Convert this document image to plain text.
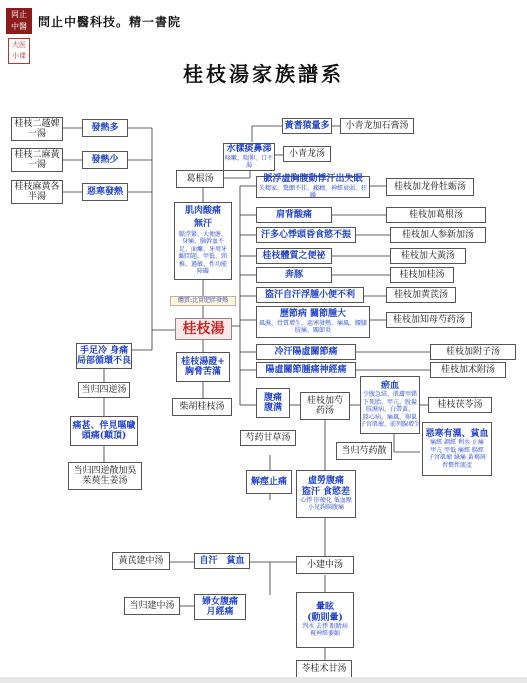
岡止
中醫
大医
小课
問止中醫科技。精一書院
桂枝湯家族譜系
桂枝二越婢一湯
發熱多
桂枝二麻黃一湯
發熱少
桂枝麻黄各半湯
惡寒發熱
手足冷 身痛
局部循環不良
当归四逆汤
痛甚、伴見嘔噦
頭痛(顛頂)
当归四逆散加吳
茱萸生姜汤
桂枝湯證+
胸脅苦滿
柴胡桂枝汤
葛根汤
肌肉酸痛
無汗
脈浮緊、大便溏、身痛、腦幹血不足、面癱、牙周牙齦問題、甲低、頸椎、過敏、性功能障礙
體質:比實肥胖發熱
桂枝湯
黃耆猿量多	小青龙加石膏汤
水樣痰鼻涕
咳嗽、喘伸、口不渴
小青龙汤
脈浮虛胸腹動悸汗出失眠
失精家、驚顫不佳、癲癇、神經衰弱、狂躁
桂枝加龙骨牡蛎汤
肩背酸痛	桂枝加葛根汤
汗多心悸頭昏食慾不振	桂枝加人参新加汤
桂枝體質之便祕	桂枝加大黃汤
奔豚	桂枝加桂汤
盜汗自汗浮腫小便不利	桂枝加黄芪汤
歷節病 關節腫大
風濕、骨質增生、惡寒發熱、痛風、腰膝肢痛、關節炎
桂枝加知母芍药汤
冷汗陽虛關節痛	桂枝加附子汤
陽虛關節腫痛神經痛	桂枝加术附汤
腹痛
腹满
桂枝加芍
药汤
瘀血
少腹急結、肌膚甲錯
下死胎、甲亢、脫髮
肢濕病、白帶黃、
陰心病、痛風、卵巢
子宮肌瘤、前列腺增生
桂枝茯苓汤
当归芍药散
惡寒有濕、貧血
痛經 調經 利水 止痛
甲亢 甲低 痛經 腸經
子宮肌瘤 綠痛 黃褐斑
習慣性流產
芍药甘草汤
解痙止痛	虛勞腹痛
盜汗 食慾差
心悸 肝硬化 低血壓
小兒鉤腸腹痛
黃芪建中汤	自汗　貧血	小建中汤
当归建中汤	婦女腹痛
月經痛	暈眩
(動則暈)
判水 去悸 眼睛病
視神經萎縮
苓桂术甘汤
